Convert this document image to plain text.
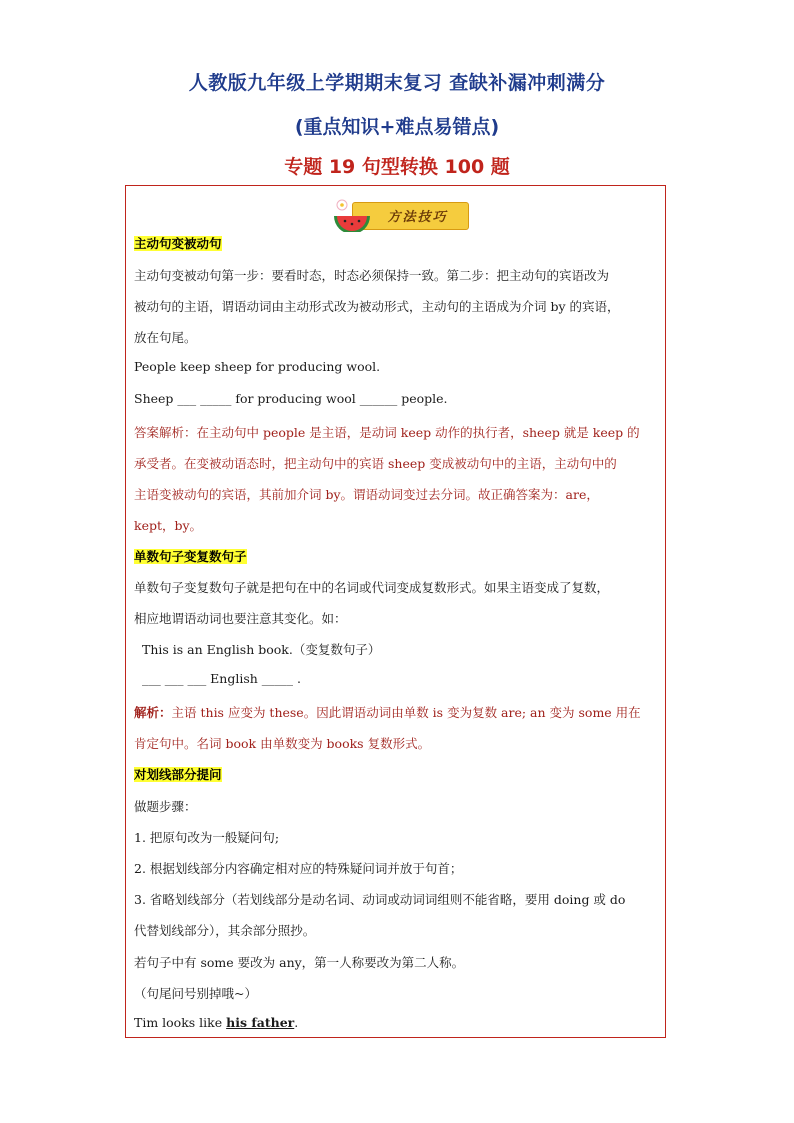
人教版九年级上学期期末复习 查缺补漏冲刺满分
(重点知识+难点易错点)
专题 19 句型转换 100 题
方法技巧
主动句变被动句
主动句变被动句第一步：要看时态，时态必须保持一致。第二步：把主动句的宾语改为
被动句的主语，谓语动词由主动形式改为被动形式，主动句的主语成为介词 by 的宾语，
放在句尾。
People keep sheep for producing wool.
Sheep ___ _____ for producing wool ______ people.
答案解析：在主动句中 people 是主语，是动词 keep 动作的执行者，sheep 就是 keep 的
承受者。在变被动语态时，把主动句中的宾语 sheep 变成被动句中的主语，主动句中的
主语变被动句的宾语，其前加介词 by。谓语动词变过去分词。故正确答案为：are，
kept，by。
单数句子变复数句子
单数句子变复数句子就是把句在中的名词或代词变成复数形式。如果主语变成了复数，
相应地谓语动词也要注意其变化。如：
This is an English book.（变复数句子）
___ ___ ___ English _____ .
解析：主语 this 应变为 these。因此谓语动词由单数 is 变为复数 are; an 变为 some 用在
肯定句中。名词 book 由单数变为 books 复数形式。
对划线部分提问
做题步骤：
1. 把原句改为一般疑问句;
2. 根据划线部分内容确定相对应的特殊疑问词并放于句首；
3. 省略划线部分（若划线部分是动名词、动词或动词词组则不能省略，要用 doing 或 do
代替划线部分），其余部分照抄。
若句子中有 some 要改为 any，第一人称要改为第二人称。
（句尾问号别掉哦~）
Tim looks like his father.
